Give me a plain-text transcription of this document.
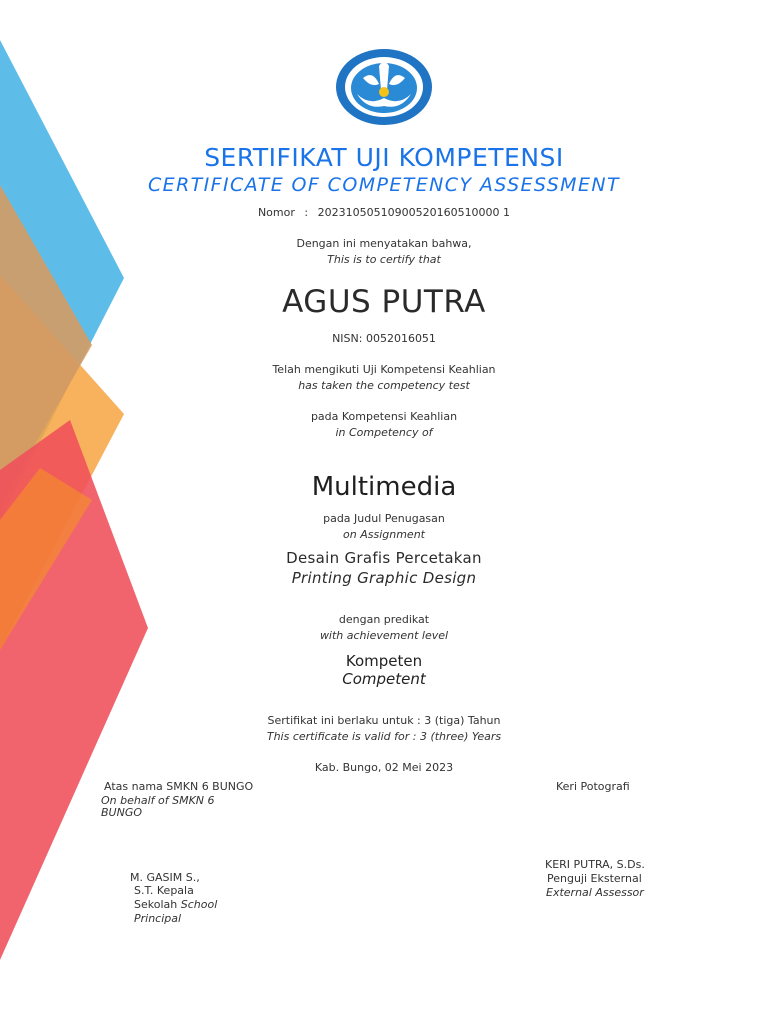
SERTIFIKAT UJI KOMPETENSI
CERTIFICATE OF COMPETENCY ASSESSMENT
Nomor : 20231050510900520160510000 1
Dengan ini menyatakan bahwa,
This is to certify that
AGUS PUTRA
NISN: 0052016051
Telah mengikuti Uji Kompetensi Keahlian
has taken the competency test
pada Kompetensi Keahlian
in Competency of
Multimedia
pada Judul Penugasan
on Assignment
Desain Grafis Percetakan
Printing Graphic Design
dengan predikat
with achievement level
Kompeten
Competent
Sertifikat ini berlaku untuk : 3 (tiga) Tahun
This certificate is valid for : 3 (three) Years
Kab. Bungo, 02 Mei 2023
Atas nama SMKN 6 BUNGO
On behalf of SMKN 6
BUNGO
M. GASIM S.,
S.T. Kepala
Sekolah School
Principal
Keri Potografi
KERI PUTRA, S.Ds.
Penguji Eksternal
External Assessor
